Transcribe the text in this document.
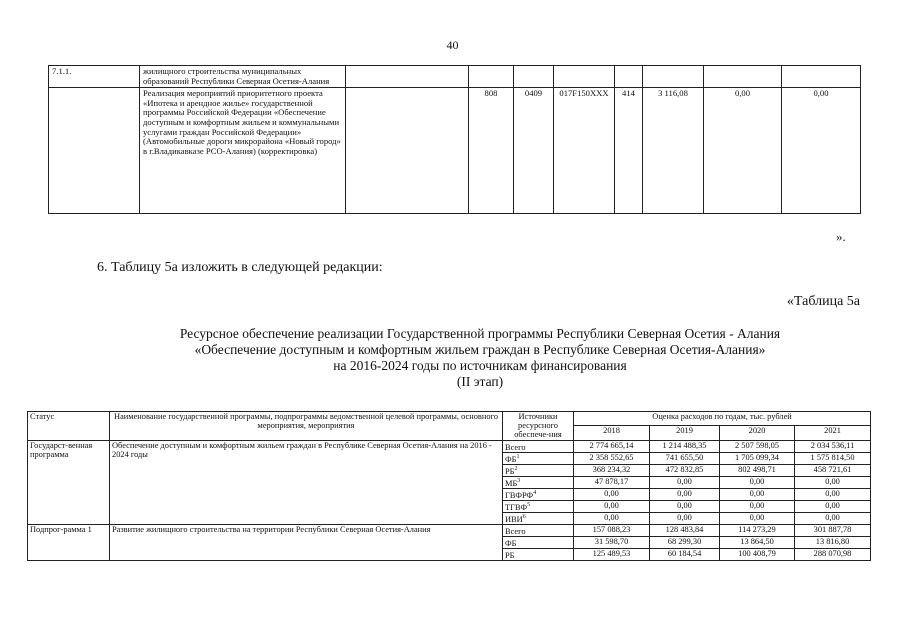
40
7.1.1.	жилищного строительства муниципальных образований Республики Северная Осетия-Алания								
	Реализация мероприятий приоритетного проекта «Ипотека и арендное жилье» государственной программы Российской Федерации «Обеспечение доступным и комфортным жильем и коммунальными услугами граждан Российской Федерации» (Автомобильные дороги микрорайона «Новый город» в г.Владикавказе РСО-Алания) (корректировка)		808	0409	017F150XXX	414	3 116,08	0,00	0,00
».
6. Таблицу 5а изложить в следующей редакции:
«Таблица 5а
Ресурсное обеспечение реализации Государственной программы Республики Северная Осетия - Алания
«Обеспечение доступным и комфортным жильем граждан в Республике Северная Осетия-Алания»
на 2016-2024 годы по источникам финансирования
(II этап)
Статус	Наименование государственной программы, подпрограммы ведомственной целевой программы, основного мероприятия, мероприятия	Источники ресурсного обеспече-ния	Оценка расходов по годам, тыс. рублей			
			2018	2019	2020	2021
Государст-венная программа	Обеспечение доступным и комфортным жильем граждан в Республике Северная Осетия-Алания на 2016 - 2024 годы	Всего	2 774 665,14	1 214 488,35	2 507 598,05	2 034 536,11
		$ФБ^1$	2 358 552,65	741 655,50	1 705 099,34	1 575 814,50
		$РБ^2$	368 234,32	472 832,85	802 498,71	458 721,61
		$МБ^3$	47 878,17	0,00	0,00	0,00
		ГВФРФ$^4$	0,00	0,00	0,00	0,00
		ТГВФ$^5$	0,00	0,00	0,00	0,00
		ИВИ$^6$	0,00	0,00	0,00	0,00
Подпрог-рамма 1	Развитие жилищного строительства на территории Республики Северная Осетия-Алания	Всего	157 088,23	128 483,84	114 273,29	301 887,78
		ФБ	31 598,70	68 299,30	13 864,50	13 816,80
		РБ	125 489,53	60 184,54	100 408,79	288 070,98
